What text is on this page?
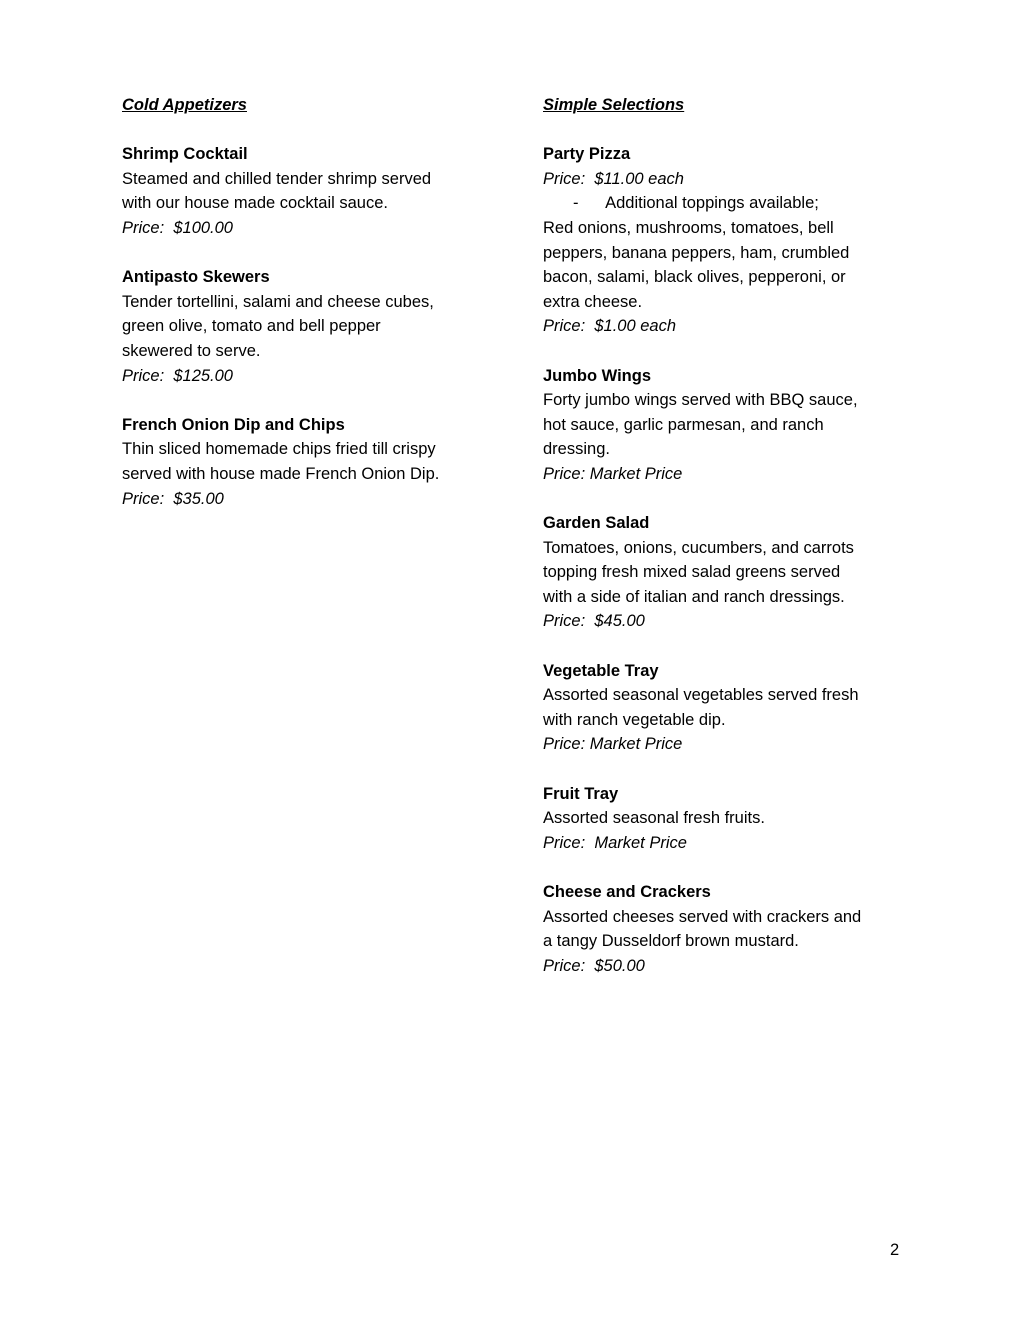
Cold Appetizers
Shrimp Cocktail
Steamed and chilled tender shrimp served
with our house made cocktail sauce.
Price:  $100.00
Antipasto Skewers
Tender tortellini, salami and cheese cubes,
green olive, tomato and bell pepper
skewered to serve.
Price:  $125.00
French Onion Dip and Chips
Thin sliced homemade chips fried till crispy
served with house made French Onion Dip.
Price:  $35.00
Simple Selections
Party Pizza
Price:  $11.00 each
-      Additional toppings available;
Red onions, mushrooms, tomatoes, bell
peppers, banana peppers, ham, crumbled
bacon, salami, black olives, pepperoni, or
extra cheese.
Price:  $1.00 each
Jumbo Wings
Forty jumbo wings served with BBQ sauce,
hot sauce, garlic parmesan, and ranch
dressing.
Price: Market Price
Garden Salad
Tomatoes, onions, cucumbers, and carrots
topping fresh mixed salad greens served
with a side of italian and ranch dressings.
Price:  $45.00
Vegetable Tray
Assorted seasonal vegetables served fresh
with ranch vegetable dip.
Price: Market Price
Fruit Tray
Assorted seasonal fresh fruits.
Price:  Market Price
Cheese and Crackers
Assorted cheeses served with crackers and
a tangy Dusseldorf brown mustard.
Price:  $50.00
2
